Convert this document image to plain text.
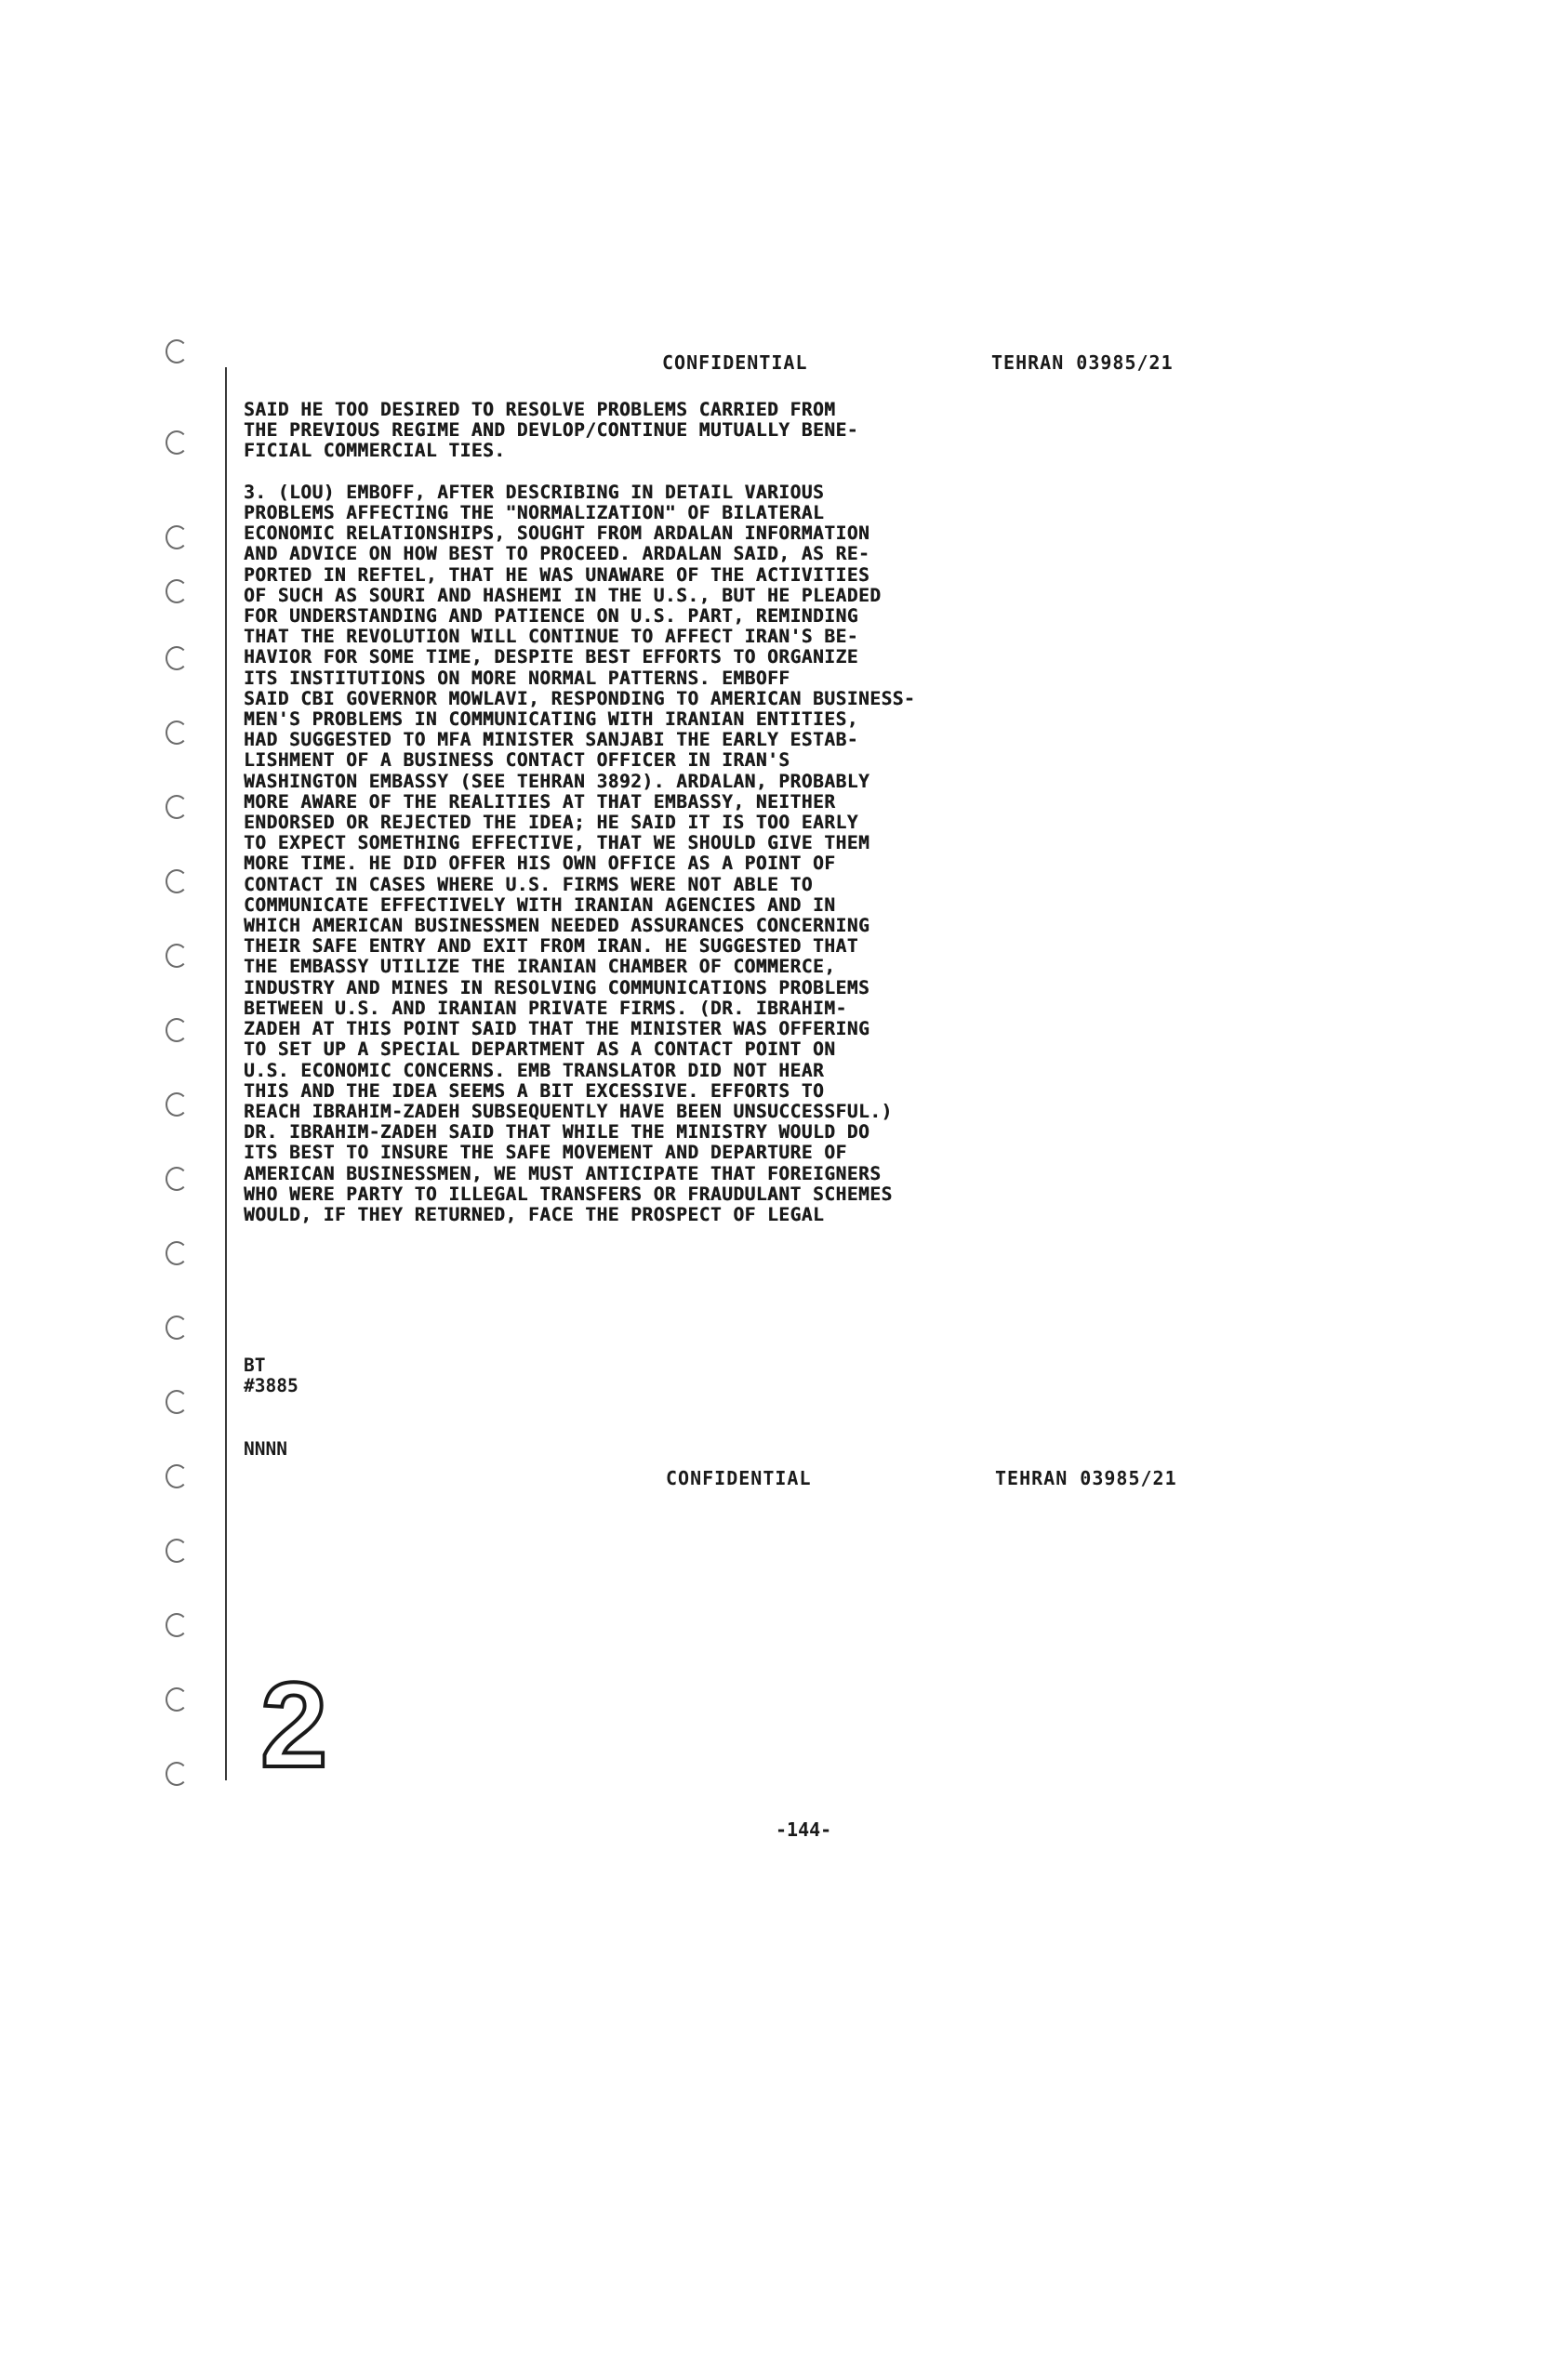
CONFIDENTIAL	TEHRAN 03985/21
SAID HE TOO DESIRED TO RESOLVE PROBLEMS CARRIED FROM
THE PREVIOUS REGIME AND DEVLOP/CONTINUE MUTUALLY BENE-
FICIAL COMMERCIAL TIES.

3. (LOU) EMBOFF, AFTER DESCRIBING IN DETAIL VARIOUS
PROBLEMS AFFECTING THE "NORMALIZATION" OF BILATERAL
ECONOMIC RELATIONSHIPS, SOUGHT FROM ARDALAN INFORMATION
AND ADVICE ON HOW BEST TO PROCEED. ARDALAN SAID, AS RE-
PORTED IN REFTEL, THAT HE WAS UNAWARE OF THE ACTIVITIES
OF SUCH AS SOURI AND HASHEMI IN THE U.S., BUT HE PLEADED
FOR UNDERSTANDING AND PATIENCE ON U.S. PART, REMINDING
THAT THE REVOLUTION WILL CONTINUE TO AFFECT IRAN'S BE-
HAVIOR FOR SOME TIME, DESPITE BEST EFFORTS TO ORGANIZE
ITS INSTITUTIONS ON MORE NORMAL PATTERNS. EMBOFF
SAID CBI GOVERNOR MOWLAVI, RESPONDING TO AMERICAN BUSINESS-
MEN'S PROBLEMS IN COMMUNICATING WITH IRANIAN ENTITIES,
HAD SUGGESTED TO MFA MINISTER SANJABI THE EARLY ESTAB-
LISHMENT OF A BUSINESS CONTACT OFFICER IN IRAN'S
WASHINGTON EMBASSY (SEE TEHRAN 3892). ARDALAN, PROBABLY
MORE AWARE OF THE REALITIES AT THAT EMBASSY, NEITHER
ENDORSED OR REJECTED THE IDEA; HE SAID IT IS TOO EARLY
TO EXPECT SOMETHING EFFECTIVE, THAT WE SHOULD GIVE THEM
MORE TIME. HE DID OFFER HIS OWN OFFICE AS A POINT OF
CONTACT IN CASES WHERE U.S. FIRMS WERE NOT ABLE TO
COMMUNICATE EFFECTIVELY WITH IRANIAN AGENCIES AND IN
WHICH AMERICAN BUSINESSMEN NEEDED ASSURANCES CONCERNING
THEIR SAFE ENTRY AND EXIT FROM IRAN. HE SUGGESTED THAT
THE EMBASSY UTILIZE THE IRANIAN CHAMBER OF COMMERCE,
INDUSTRY AND MINES IN RESOLVING COMMUNICATIONS PROBLEMS
BETWEEN U.S. AND IRANIAN PRIVATE FIRMS. (DR. IBRAHIM-
ZADEH AT THIS POINT SAID THAT THE MINISTER WAS OFFERING
TO SET UP A SPECIAL DEPARTMENT AS A CONTACT POINT ON
U.S. ECONOMIC CONCERNS. EMB TRANSLATOR DID NOT HEAR
THIS AND THE IDEA SEEMS A BIT EXCESSIVE. EFFORTS TO
REACH IBRAHIM-ZADEH SUBSEQUENTLY HAVE BEEN UNSUCCESSFUL.)
DR. IBRAHIM-ZADEH SAID THAT WHILE THE MINISTRY WOULD DO
ITS BEST TO INSURE THE SAFE MOVEMENT AND DEPARTURE OF
AMERICAN BUSINESSMEN, WE MUST ANTICIPATE THAT FOREIGNERS
WHO WERE PARTY TO ILLEGAL TRANSFERS OR FRAUDULANT SCHEMES
WOULD, IF THEY RETURNED, FACE THE PROSPECT OF LEGAL
BT
#3885
NNNN
CONFIDENTIAL	TEHRAN 03985/21
2
-144-
